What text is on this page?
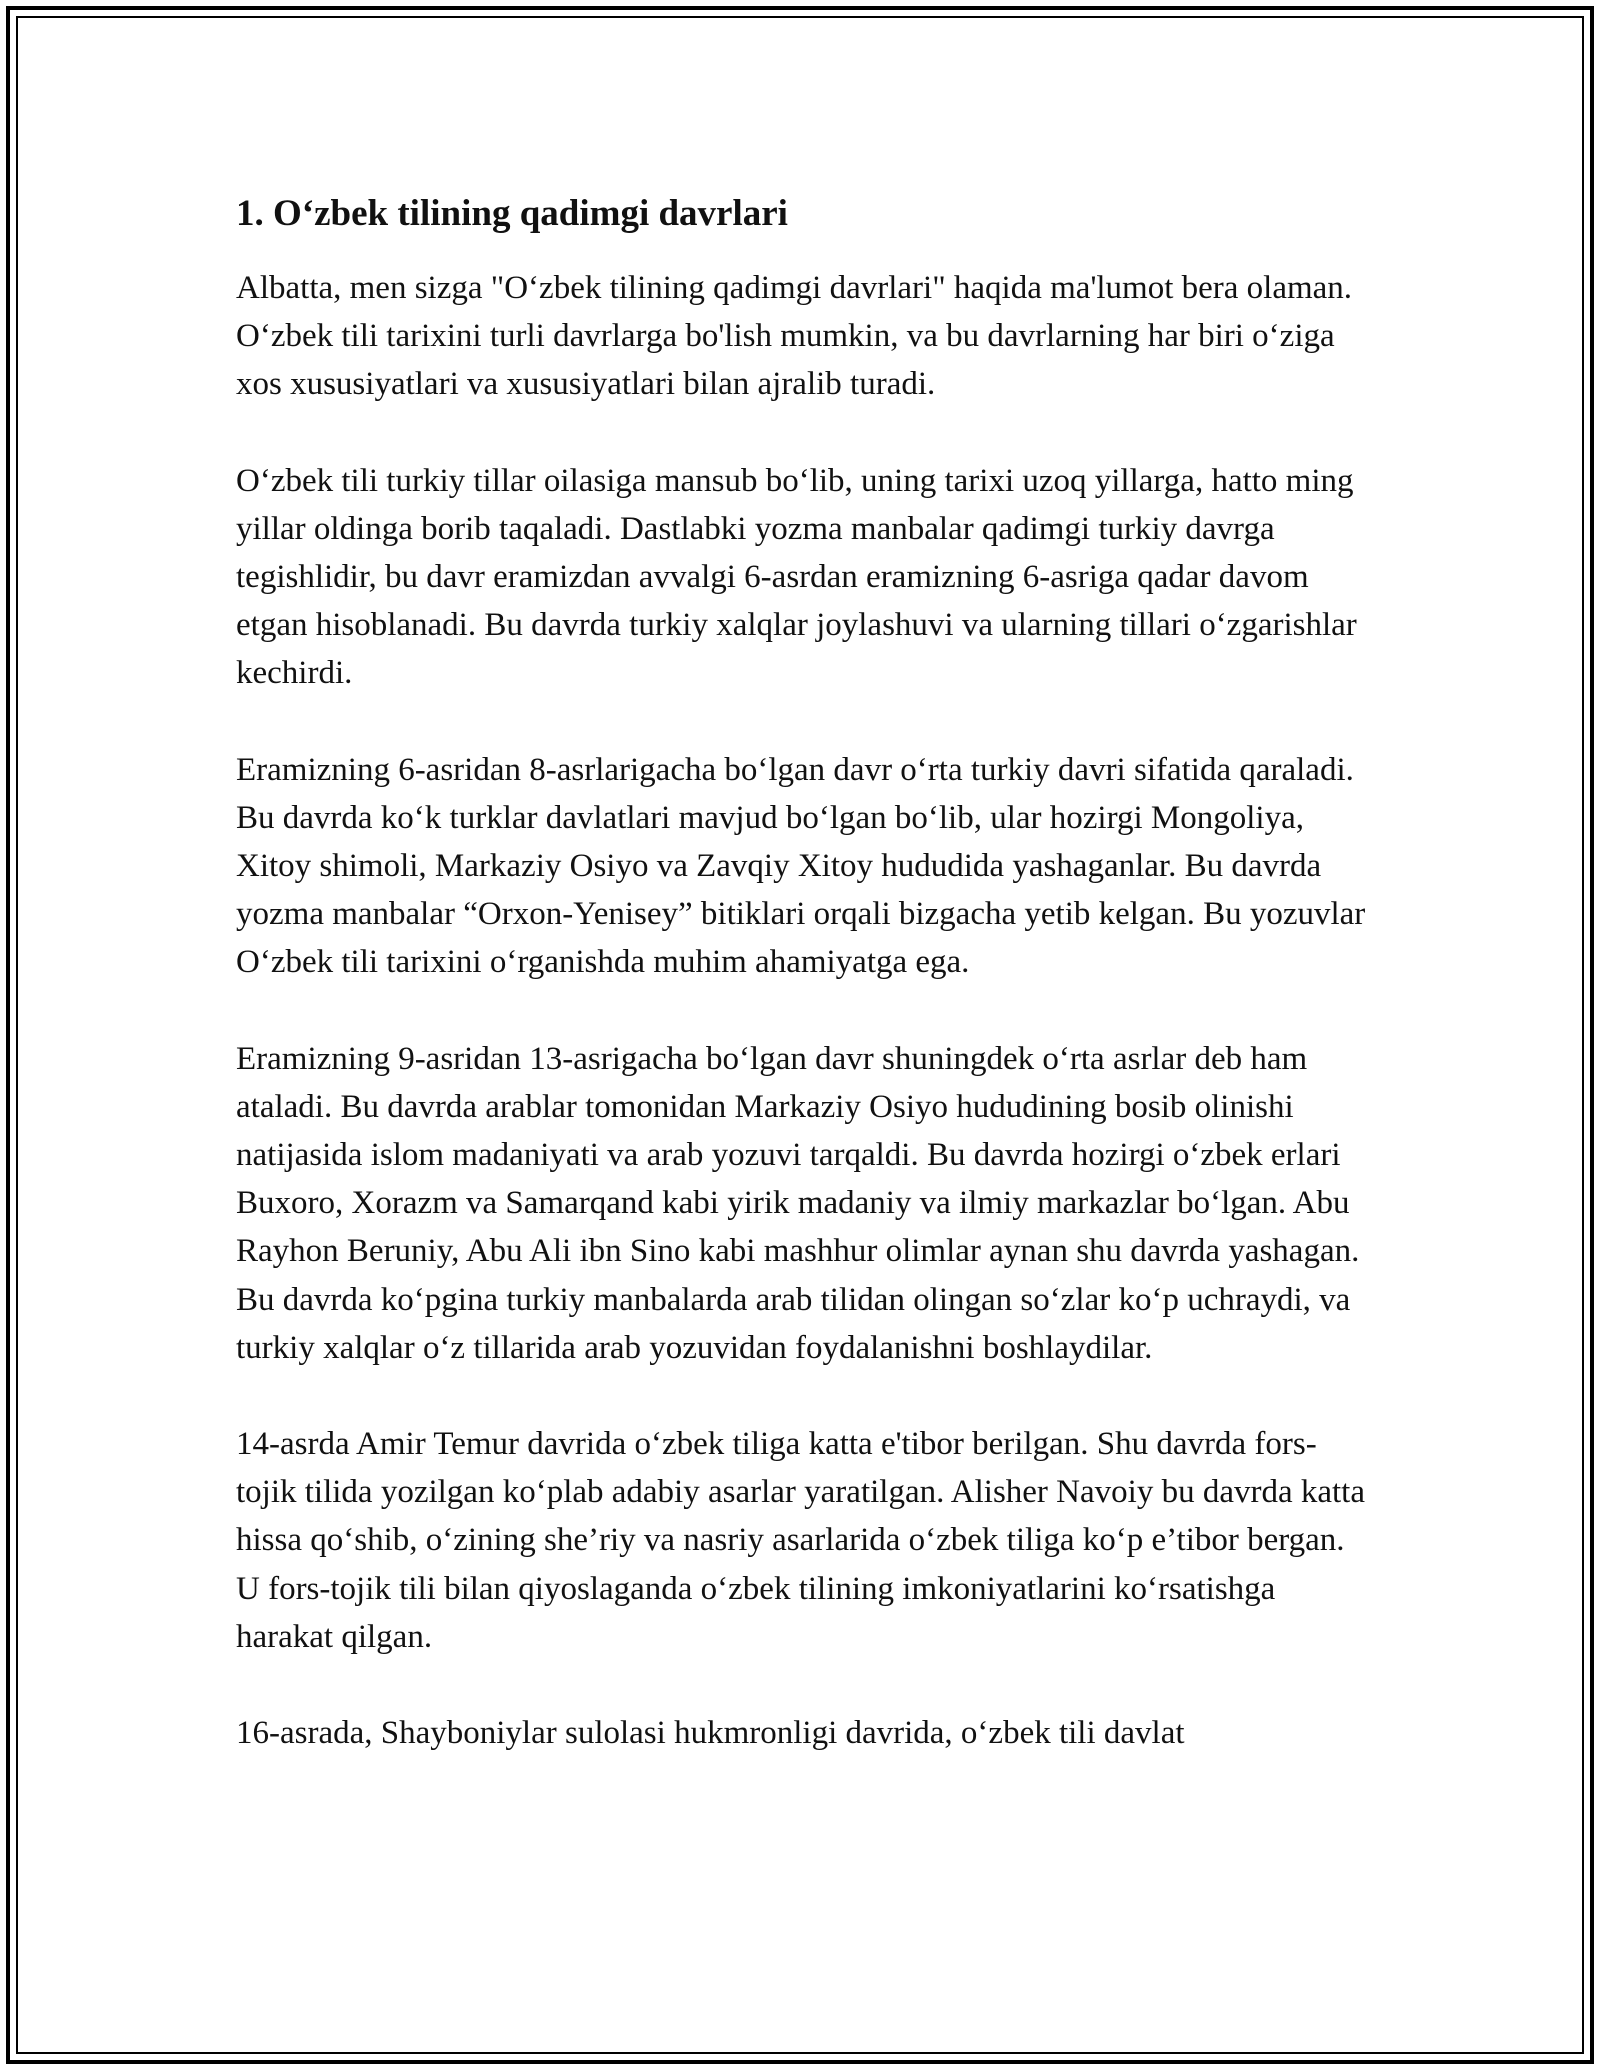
1. O‘zbek tilining qadimgi davrlari

Albatta, men sizga "O‘zbek tilining qadimgi davrlari" haqida ma'lumot bera olaman. O‘zbek tili tarixini turli davrlarga bo'lish mumkin, va bu davrlarning har biri o‘ziga xos xususiyatlari va xususiyatlari bilan ajralib turadi.

O‘zbek tili turkiy tillar oilasiga mansub bo‘lib, uning tarixi uzoq yillarga, hatto ming yillar oldinga borib taqaladi. Dastlabki yozma manbalar qadimgi turkiy davrga tegishlidir, bu davr eramizdan avvalgi 6-asrdan eramizning 6-asriga qadar davom etgan hisoblanadi. Bu davrda turkiy xalqlar joylashuvi va ularning tillari o‘zgarishlar kechirdi.

Eramizning 6-asridan 8-asrlarigacha bo‘lgan davr o‘rta turkiy davri sifatida qaraladi. Bu davrda ko‘k turklar davlatlari mavjud bo‘lgan bo‘lib, ular hozirgi Mongoliya, Xitoy shimoli, Markaziy Osiyo va Zavqiy Xitoy hududida yashaganlar. Bu davrda yozma manbalar “Orxon-Yenisey” bitiklari orqali bizgacha yetib kelgan. Bu yozuvlar O‘zbek tili tarixini o‘rganishda muhim ahamiyatga ega.

Eramizning 9-asridan 13-asrigacha bo‘lgan davr shuningdek o‘rta asrlar deb ham ataladi. Bu davrda arablar tomonidan Markaziy Osiyo hududining bosib olinishi natijasida islom madaniyati va arab yozuvi tarqaldi. Bu davrda hozirgi o‘zbek erlari Buxoro, Xorazm va Samarqand kabi yirik madaniy va ilmiy markazlar bo‘lgan. Abu Rayhon Beruniy, Abu Ali ibn Sino kabi mashhur olimlar aynan shu davrda yashagan. Bu davrda ko‘pgina turkiy manbalarda arab tilidan olingan so‘zlar ko‘p uchraydi, va turkiy xalqlar o‘z tillarida arab yozuvidan foydalanishni boshlaydilar.

14-asrda Amir Temur davrida o‘zbek tiliga katta e'tibor berilgan. Shu davrda fors-tojik tilida yozilgan ko‘plab adabiy asarlar yaratilgan. Alisher Navoiy bu davrda katta hissa qo‘shib, o‘zining she’riy va nasriy asarlarida o‘zbek tiliga ko‘p e’tibor bergan. U fors-tojik tili bilan qiyoslaganda o‘zbek tilining imkoniyatlarini ko‘rsatishga harakat qilgan.

16-asrada, Shayboniylar sulolasi hukmronligi davrida, o‘zbek tili davlat
